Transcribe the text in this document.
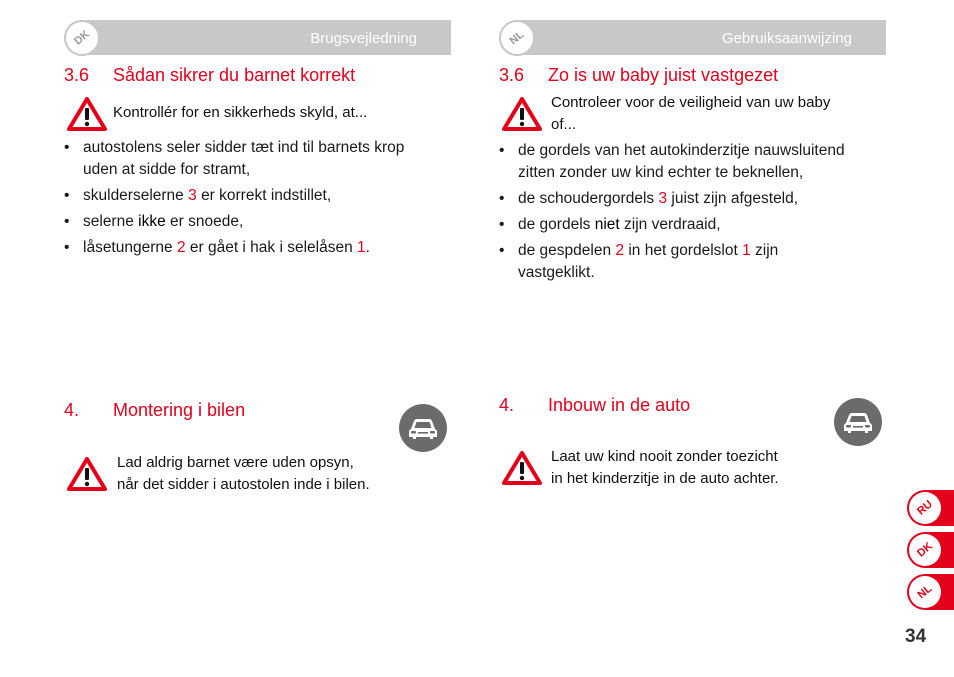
Brugsvejledning
DK
3.6 Sådan sikrer du barnet korrekt
Kontrollér for en sikkerheds skyld, at...
• autostolens seler sidder tæt ind til barnets krop
uden at sidde for stramt,
• skulderselerne 3 er korrekt indstillet,
• selerne ikke er snoede,
• låsetungerne 2 er gået i hak i selelåsen 1.
4. Montering i bilen
Lad aldrig barnet være uden opsyn,
når det sidder i autostolen inde i bilen.
Gebruiksaanwijzing
NL
3.6 Zo is uw baby juist vastgezet
Controleer voor de veiligheid van uw baby
of...
• de gordels van het autokinderzitje nauwsluitend
zitten zonder uw kind echter te beknellen,
• de schoudergordels 3 juist zijn afgesteld,
• de gordels niet zijn verdraaid,
• de gespdelen 2 in het gordelslot 1 zijn
vastgeklikt.
4. Inbouw in de auto
Laat uw kind nooit zonder toezicht
in het kinderzitje in de auto achter.
RU
DK
NL
34
